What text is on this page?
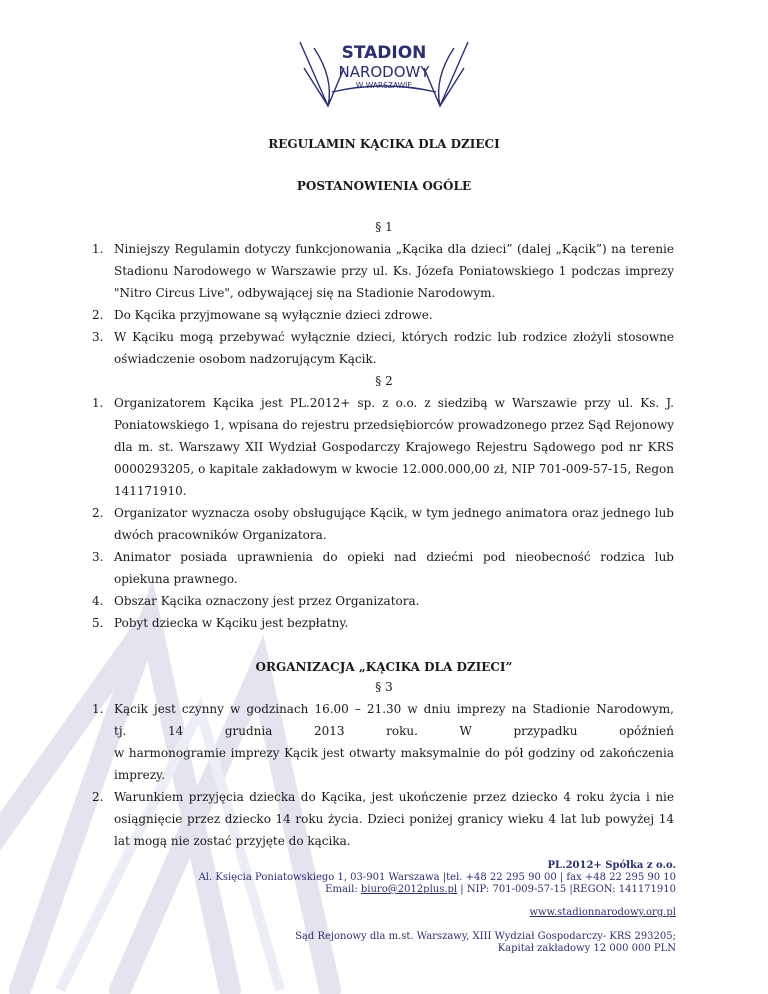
STADION
NARODOWY
W WARSZAWIE
REGULAMIN KĄCIKA DLA DZIECI
POSTANOWIENIA OGÓLE
§ 1
1. Niniejszy Regulamin dotyczy funkcjonowania „Kącika dla dzieci” (dalej „Kącik”) na terenie Stadionu Narodowego w Warszawie przy ul. Ks. Józefa Poniatowskiego 1 podczas imprezy "Nitro Circus Live", odbywającej się na Stadionie Narodowym.
2. Do Kącika przyjmowane są wyłącznie dzieci zdrowe.
3. W Kąciku mogą przebywać wyłącznie dzieci, których rodzic lub rodzice złożyli stosowne oświadczenie osobom nadzorującym Kącik.
§ 2
1. Organizatorem Kącika jest PL.2012+ sp. z o.o. z siedzibą w Warszawie przy ul. Ks. J. Poniatowskiego 1, wpisana do rejestru przedsiębiorców prowadzonego przez Sąd Rejonowy dla m. st. Warszawy XII Wydział Gospodarczy Krajowego Rejestru Sądowego pod nr KRS 0000293205, o kapitale zakładowym w kwocie 12.000.000,00 zł, NIP 701-009-57-15, Regon 141171910.
2. Organizator wyznacza osoby obsługujące Kącik, w tym jednego animatora oraz jednego lub dwóch pracowników Organizatora.
3. Animator posiada uprawnienia do opieki nad dziećmi pod nieobecność rodzica lub opiekuna prawnego.
4. Obszar Kącika oznaczony jest przez Organizatora.
5. Pobyt dziecka w Kąciku jest bezpłatny.
ORGANIZACJA „KĄCIKA DLA DZIECI”
§ 3
1. Kącik jest czynny w godzinach 16.00 – 21.30 w dniu imprezy na Stadionie Narodowym,
tj.       14       grudnia       2013       roku.       W       przypadku       opóźnień
w harmonogramie imprezy Kącik jest otwarty maksymalnie do pół godziny od zakończenia imprezy.
2. Warunkiem przyjęcia dziecka do Kącika, jest ukończenie przez dziecko 4 roku życia i nie osiągnięcie przez dziecko 14 roku życia. Dzieci poniżej granicy wieku 4 lat lub powyżej 14 lat mogą nie zostać przyjęte do kącika.
PL.2012+ Spółka z o.o.
Al. Księcia Poniatowskiego 1, 03-901 Warszawa |tel. +48 22 295 90 00 | fax +48 22 295 90 10
Email: biuro@2012plus.pl | NIP: 701-009-57-15 |REGON: 141171910
www.stadionnarodowy.org.pl
Sąd Rejonowy dla m.st. Warszawy, XIII Wydział Gospodarczy- KRS 293205;
Kapitał zakładowy 12 000 000 PLN
